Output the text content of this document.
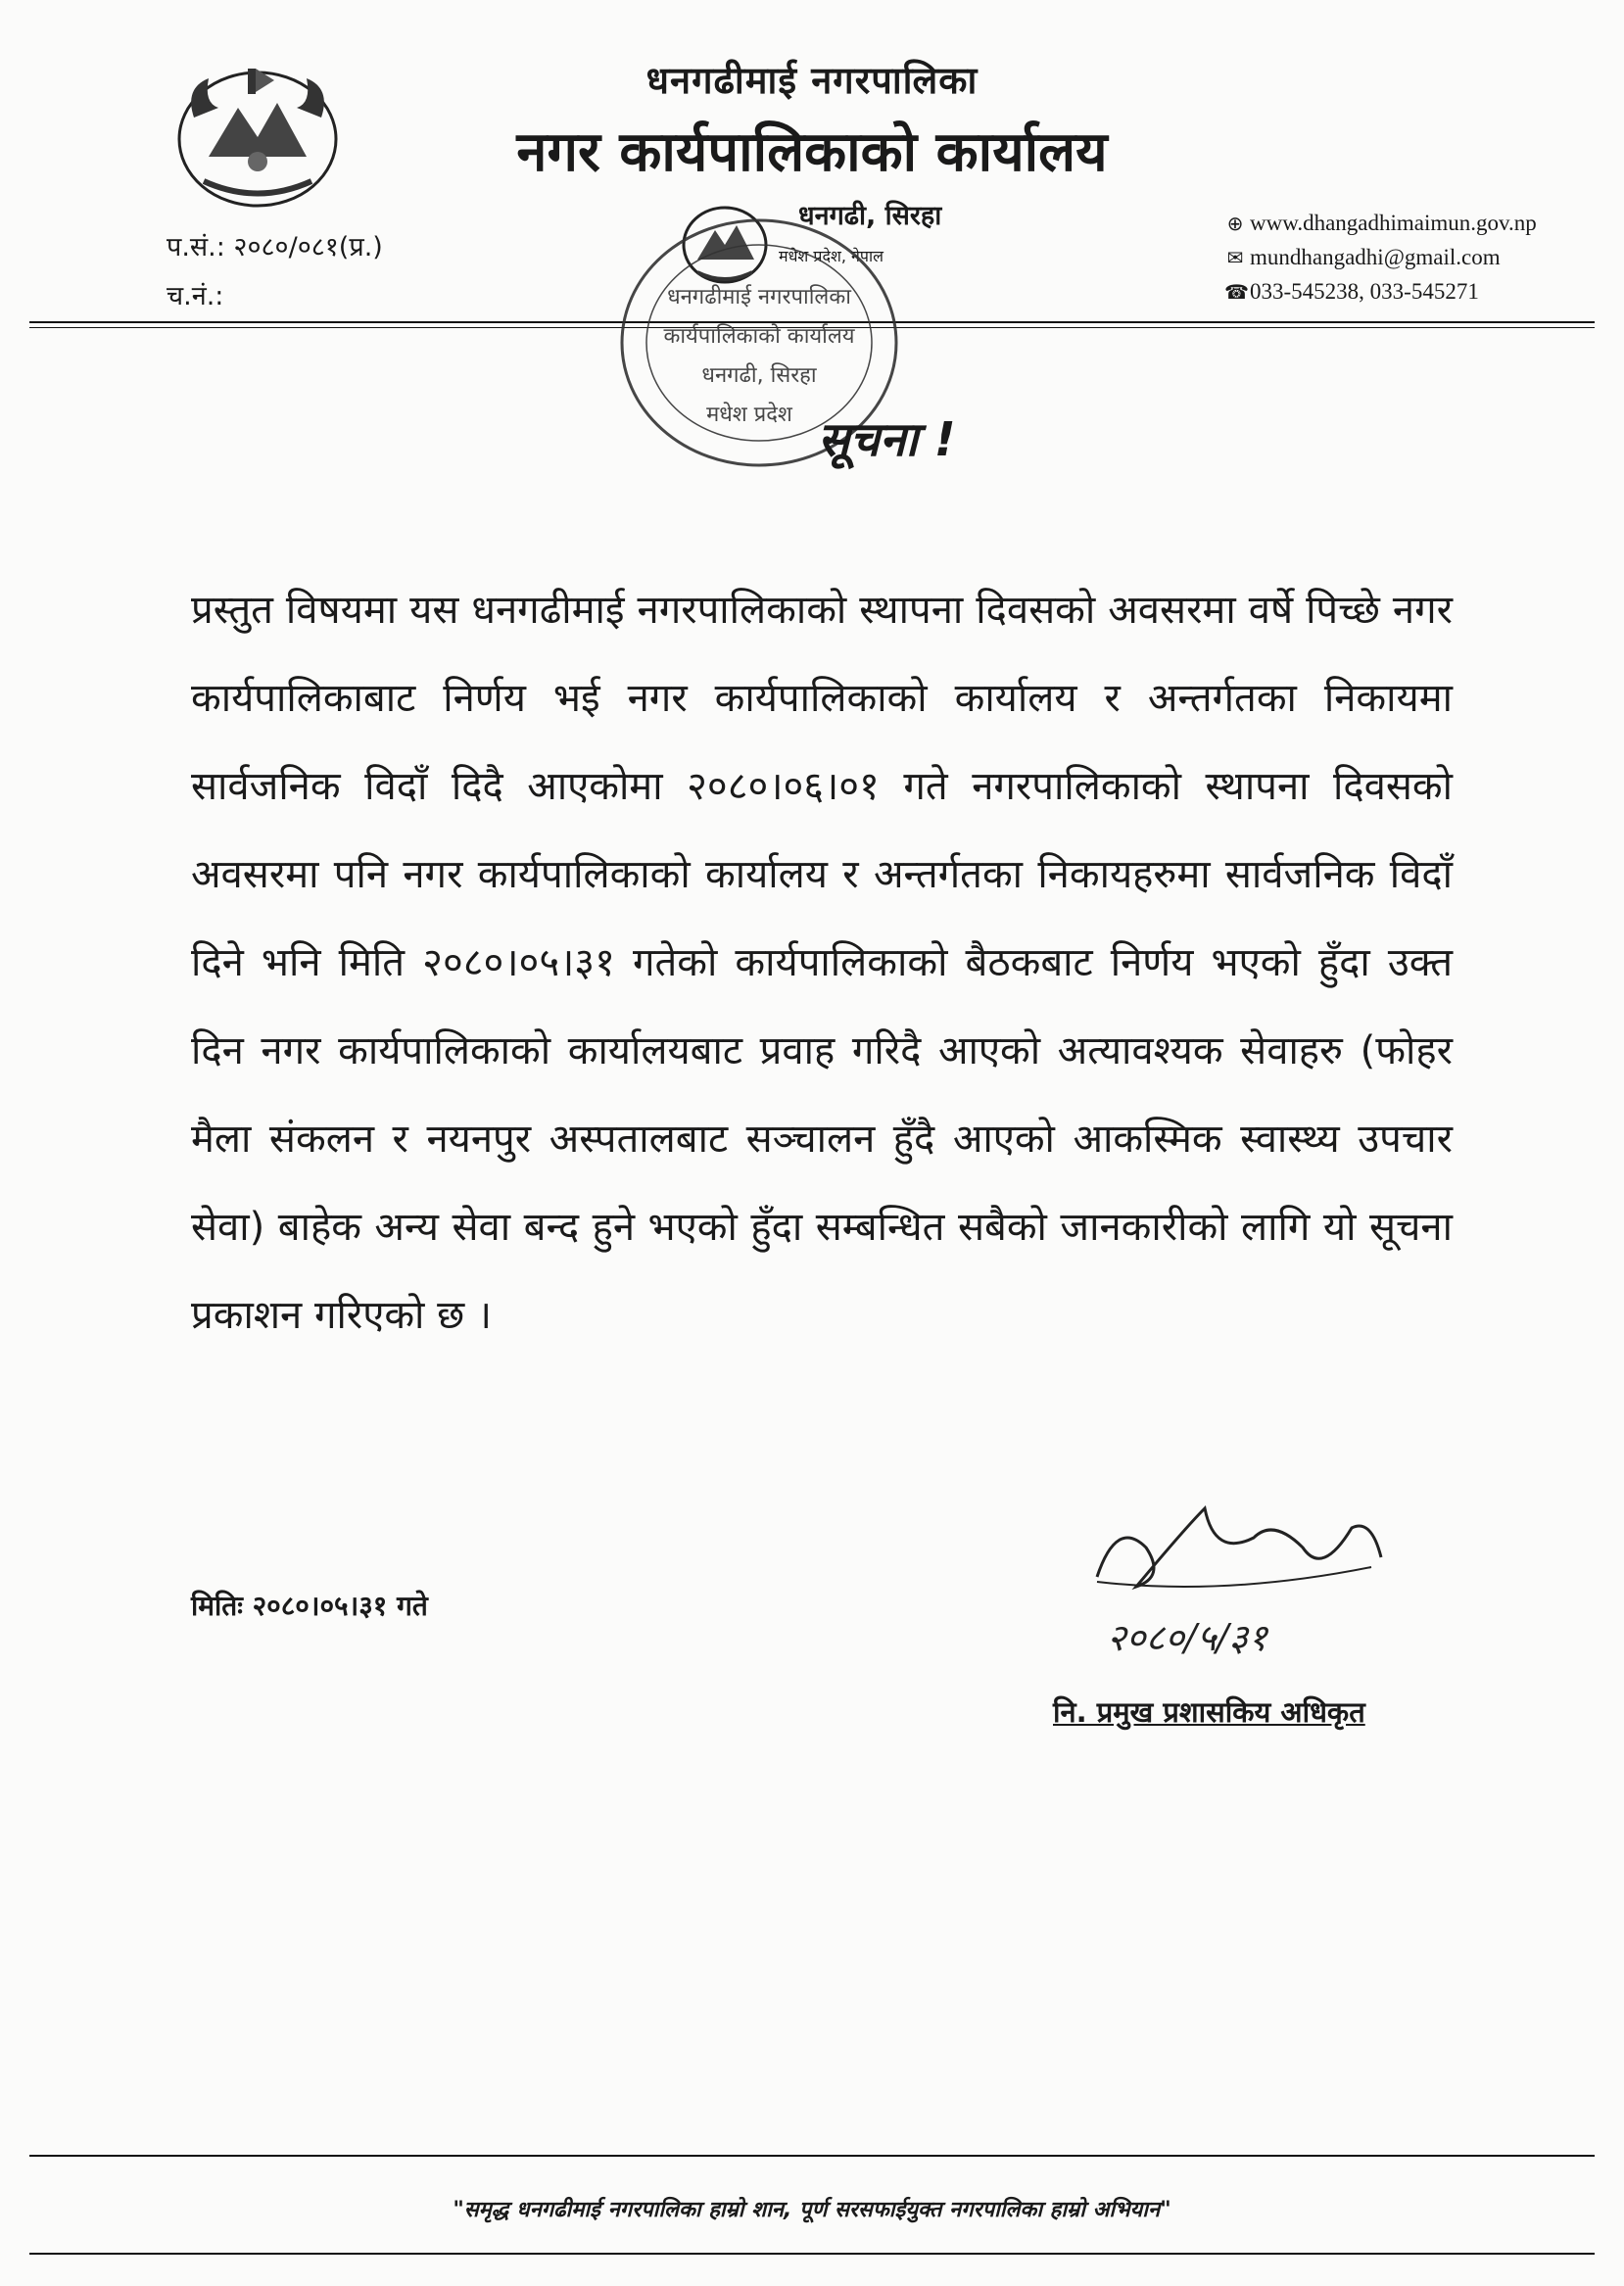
धनगढीमाई नगरपालिका
नगर कार्यपालिकाको कार्यालय
प.सं.: २०८०/०८१(प्र.)
च.नं.:
धनगढी, सिरहा
मधेश प्रदेश, नेपाल
⊕ www.dhangadhimaimun.gov.np
✉ mundhangadhi@gmail.com
☎033-545238, 033-545271
धनगढीमाई नगरपालिका
कार्यपालिकाको कार्यालय
धनगढी, सिरहा
मधेश प्रदेश सूचना !
प्रस्तुत विषयमा यस धनगढीमाई नगरपालिकाको स्थापना दिवसको अवसरमा वर्षे पिच्छे नगर कार्यपालिकाबाट निर्णय भई नगर कार्यपालिकाको कार्यालय र अन्तर्गतका निकायमा सार्वजनिक विदाँ दिदै आएकोमा २०८०।०६।०१ गते नगरपालिकाको स्थापना दिवसको अवसरमा पनि नगर कार्यपालिकाको कार्यालय र अन्तर्गतका निकायहरुमा सार्वजनिक विदाँ दिने भनि मिति २०८०।०५।३१ गतेको कार्यपालिकाको बैठकबाट निर्णय भएको हुँदा उक्त दिन नगर कार्यपालिकाको कार्यालयबाट प्रवाह गरिदै आएको अत्यावश्यक सेवाहरु (फोहर मैला संकलन र नयनपुर अस्पतालबाट सञ्चालन हुँदै आएको आकस्मिक स्वास्थ्य उपचार सेवा) बाहेक अन्य सेवा बन्द हुने भएको हुँदा सम्बन्धित सबैको जानकारीको लागि यो सूचना प्रकाशन गरिएको छ ।
मितिः २०८०।०५।३१ गते
२०८०/५/३१
नि. प्रमुख प्रशासकिय अधिकृत
"समृद्ध धनगढीमाई नगरपालिका हाम्रो शान, पूर्ण सरसफाईयुक्त नगरपालिका हाम्रो अभियान"
